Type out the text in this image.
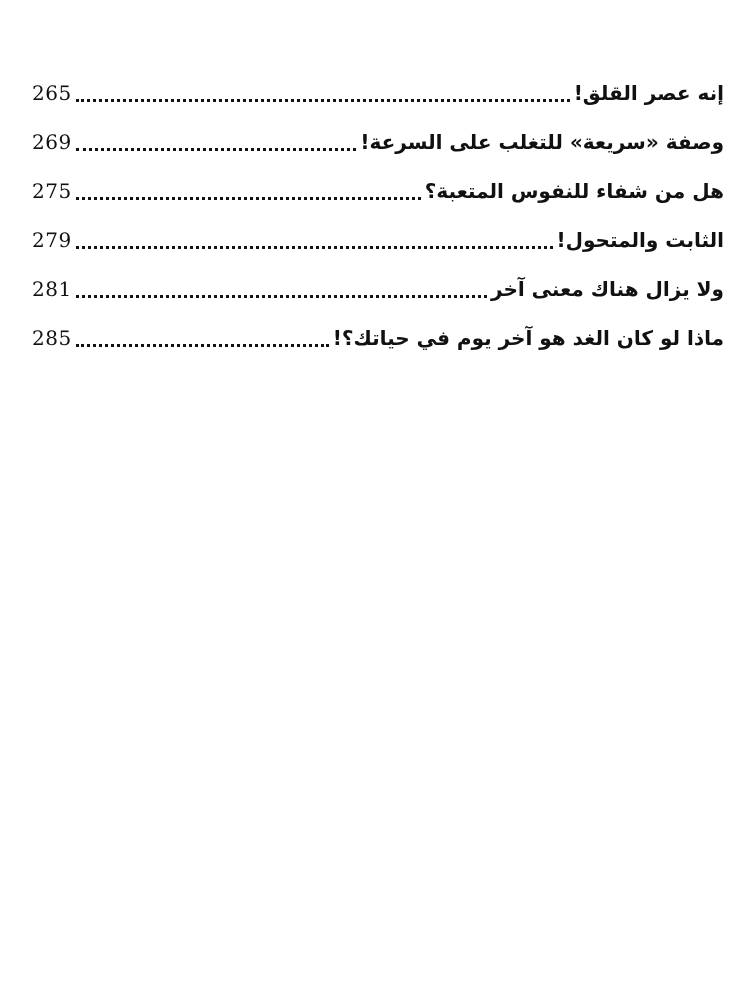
إنه عصر القلق!
265
وصفة «سريعة» للتغلب على السرعة!
269
هل من شفاء للنفوس المتعبة؟
275
الثابت والمتحول!
279
ولا يزال هناك معنى آخر
281
ماذا لو كان الغد هو آخر يوم في حياتك؟!
285
